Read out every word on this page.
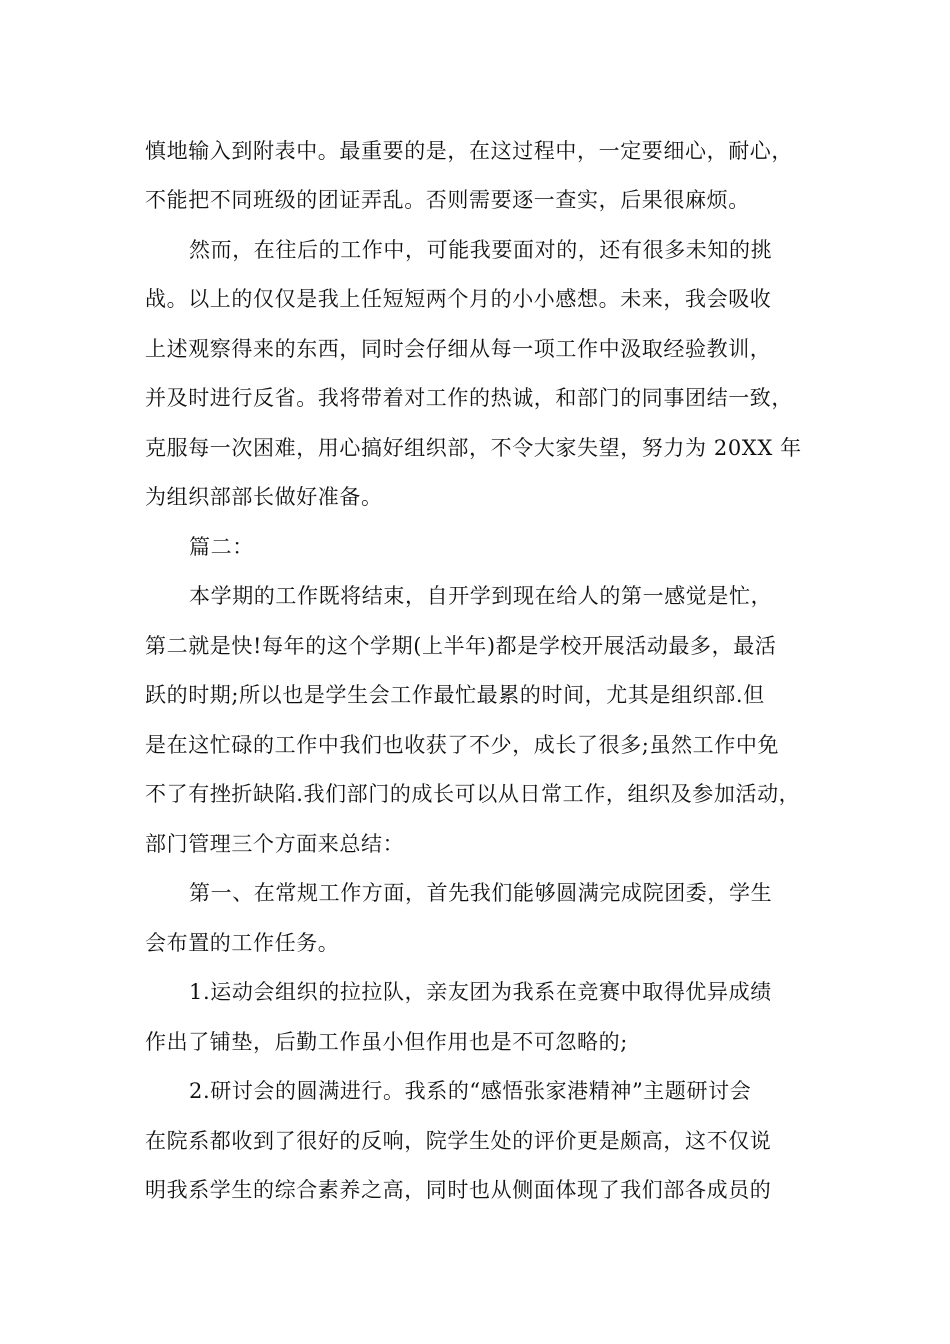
慎地输入到附表中。最重要的是，在这过程中，一定要细心，耐心，
不能把不同班级的团证弄乱。否则需要逐一查实，后果很麻烦。
然而，在往后的工作中，可能我要面对的，还有很多未知的挑
战。以上的仅仅是我上任短短两个月的小小感想。未来，我会吸收
上述观察得来的东西，同时会仔细从每一项工作中汲取经验教训，
并及时进行反省。我将带着对工作的热诚，和部门的同事团结一致，
克服每一次困难，用心搞好组织部，不令大家失望，努力为 20XX 年
为组织部部长做好准备。
篇二：
本学期的工作既将结束，自开学到现在给人的第一感觉是忙，
第二就是快!每年的这个学期(上半年)都是学校开展活动最多，最活
跃的时期;所以也是学生会工作最忙最累的时间，尤其是组织部.但
是在这忙碌的工作中我们也收获了不少，成长了很多;虽然工作中免
不了有挫折缺陷.我们部门的成长可以从日常工作，组织及参加活动，
部门管理三个方面来总结：
第一、在常规工作方面，首先我们能够圆满完成院团委，学生
会布置的工作任务。
1.运动会组织的拉拉队，亲友团为我系在竞赛中取得优异成绩
作出了铺垫，后勤工作虽小但作用也是不可忽略的;
2.研讨会的圆满进行。我系的“感悟张家港精神”主题研讨会
在院系都收到了很好的反响，院学生处的评价更是颇高，这不仅说
明我系学生的综合素养之高，同时也从侧面体现了我们部各成员的
